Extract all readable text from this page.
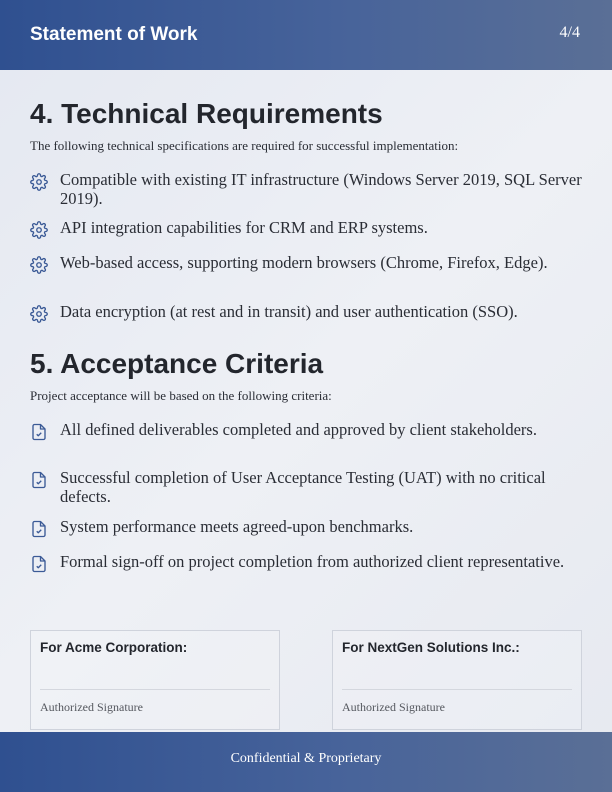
Statement of Work	4/4
4. Technical Requirements
The following technical specifications are required for successful implementation:
Compatible with existing IT infrastructure (Windows Server 2019, SQL Server 2019).
API integration capabilities for CRM and ERP systems.
Web-based access, supporting modern browsers (Chrome, Firefox, Edge).
Data encryption (at rest and in transit) and user authentication (SSO).
5. Acceptance Criteria
Project acceptance will be based on the following criteria:
All defined deliverables completed and approved by client stakeholders.
Successful completion of User Acceptance Testing (UAT) with no critical defects.
System performance meets agreed-upon benchmarks.
Formal sign-off on project completion from authorized client representative.
For Acme Corporation:
Authorized Signature
For NextGen Solutions Inc.:
Authorized Signature
Confidential & Proprietary
